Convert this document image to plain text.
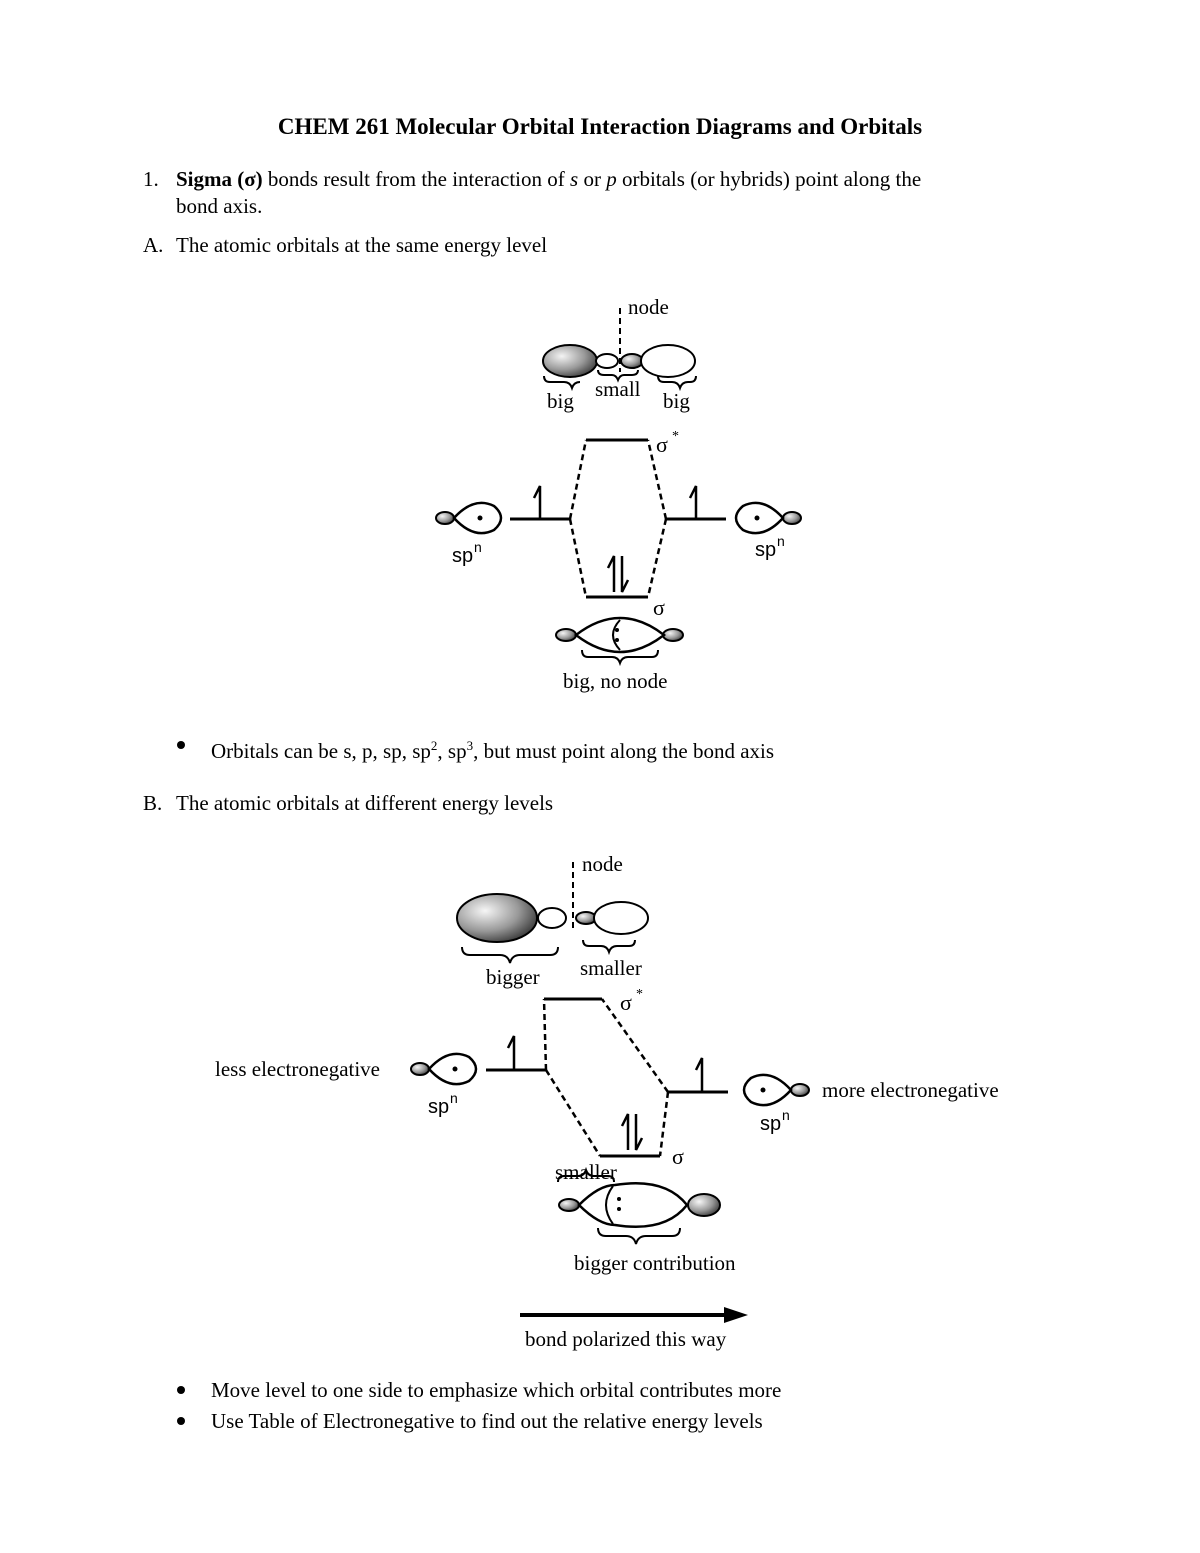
CHEM 261 Molecular Orbital Interaction Diagrams and Orbitals
1. Sigma (σ) bonds result from the interaction of s or p orbitals (or hybrids) point along the
bond axis.
A. The atomic orbitals at the same energy level
node
big small big
σ *
sp n	sp n
σ
big, no node
Orbitals can be s, p, sp, $sp^2$, $sp^3$, but must point along the bond axis
B. The atomic orbitals at different energy levels
node
bigger smaller
σ *
less electronegative
more electronegative
sp n
sp n
σ
smaller
bigger contribution
bond polarized this way
Move level to one side to emphasize which orbital contributes more
Use Table of Electronegative to find out the relative energy levels
